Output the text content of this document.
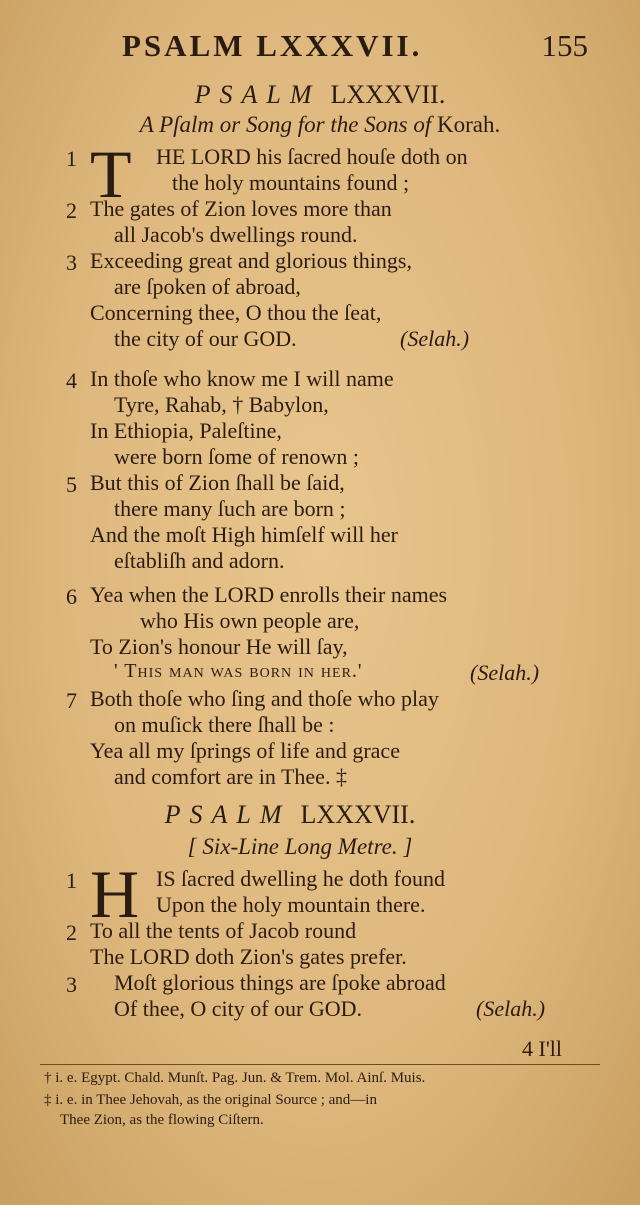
PSALM LXXXVII.	155
PSALM LXXXVII.
A Pſalm or Song for the Sons of Korah.
1 T HE LORD his ſacred houſe doth on
the holy mountains found ;
2 The gates of Zion loves more than
all Jacob's dwellings round.
3 Exceeding great and glorious things,
are ſpoken of abroad,
Concerning thee, O thou the ſeat,
the city of our GOD.	(Selah.)
4 In thoſe who know me I will name
Tyre, Rahab, † Babylon,
In Ethiopia, Paleſtine,
were born ſome of renown ;
5 But this of Zion ſhall be ſaid,
there many ſuch are born ;
And the moſt High himſelf will her
eſtabliſh and adorn.
6 Yea when the LORD enrolls their names
who His own people are,
To Zion's honour He will ſay,
' This man was born in her.'	(Selah.)
7 Both thoſe who ſing and thoſe who play
on muſick there ſhall be :
Yea all my ſprings of life and grace
and comfort are in Thee. ‡
PSALM LXXXVII.
[ Six-Line Long Metre. ]
1 H IS ſacred dwelling he doth found
Upon the holy mountain there.
2 To all the tents of Jacob round
The LORD doth Zion's gates prefer.
3 Moſt glorious things are ſpoke abroad
Of thee, O city of our GOD.	(Selah.)
4 I'll
† i. e. Egypt. Chald. Munſt. Pag. Jun. & Trem. Mol. Ainſ. Muis.
‡ i. e. in Thee Jehovah, as the original Source ; and—in
Thee Zion, as the flowing Ciſtern.
